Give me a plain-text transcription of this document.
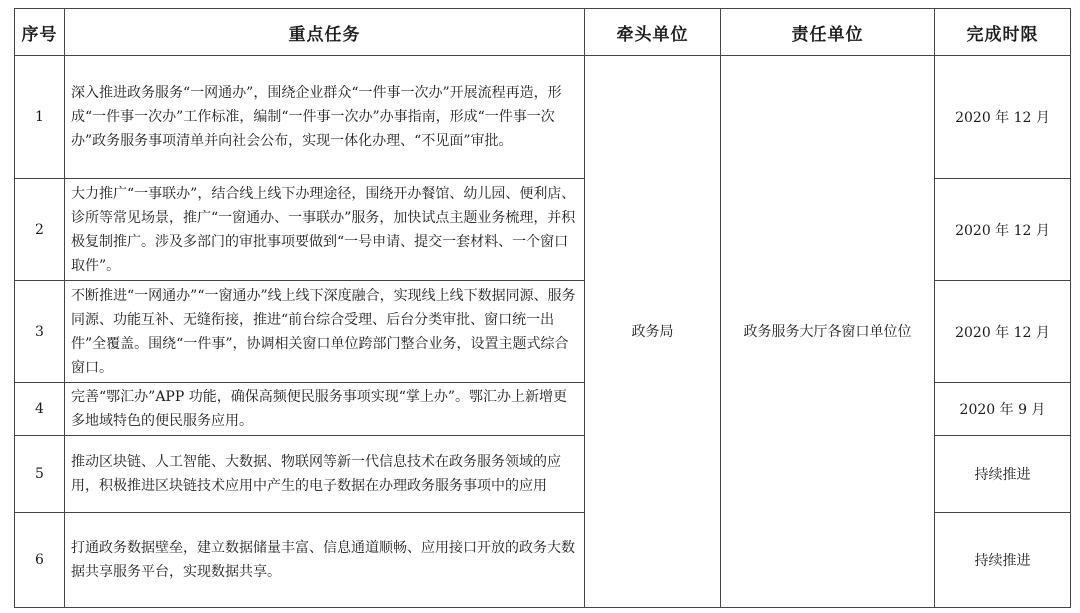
序号	重点任务	牵头单位	责任单位	完成时限
1	深入推进政务服务“一网通办”，围绕企业群众“一件事一次办”开展流程再造，形成“一件事一次办”工作标准，编制“一件事一次办”办事指南，形成“一件事一次办”政务服务事项清单并向社会公布，实现一体化办理、“不见面”审批。	政务局	政务服务大厅各窗口单位位	2020 年 12 月
2	大力推广“一事联办”，结合线上线下办理途径，围绕开办餐馆、幼儿园、便利店、诊所等常见场景，推广“一窗通办、一事联办”服务，加快试点主题业务梳理，并积极复制推广。涉及多部门的审批事项要做到“一号申请、提交一套材料、一个窗口取件”。			2020 年 12 月
3	不断推进“一网通办”“一窗通办”线上线下深度融合，实现线上线下数据同源、服务同源、功能互补、无缝衔接，推进“前台综合受理、后台分类审批、窗口统一出件”全覆盖。围绕“一件事”，协调相关窗口单位跨部门整合业务，设置主题式综合窗口。			2020 年 12 月
4	完善“鄂汇办”APP 功能，确保高频便民服务事项实现“掌上办”。鄂汇办上新增更多地域特色的便民服务应用。			2020 年 9 月
5	推动区块链、人工智能、大数据、物联网等新一代信息技术在政务服务领域的应用，积极推进区块链技术应用中产生的电子数据在办理政务服务事项中的应用			持续推进
6	打通政务数据壁垒，建立数据储量丰富、信息通道顺畅、应用接口开放的政务大数据共享服务平台，实现数据共享。			持续推进
